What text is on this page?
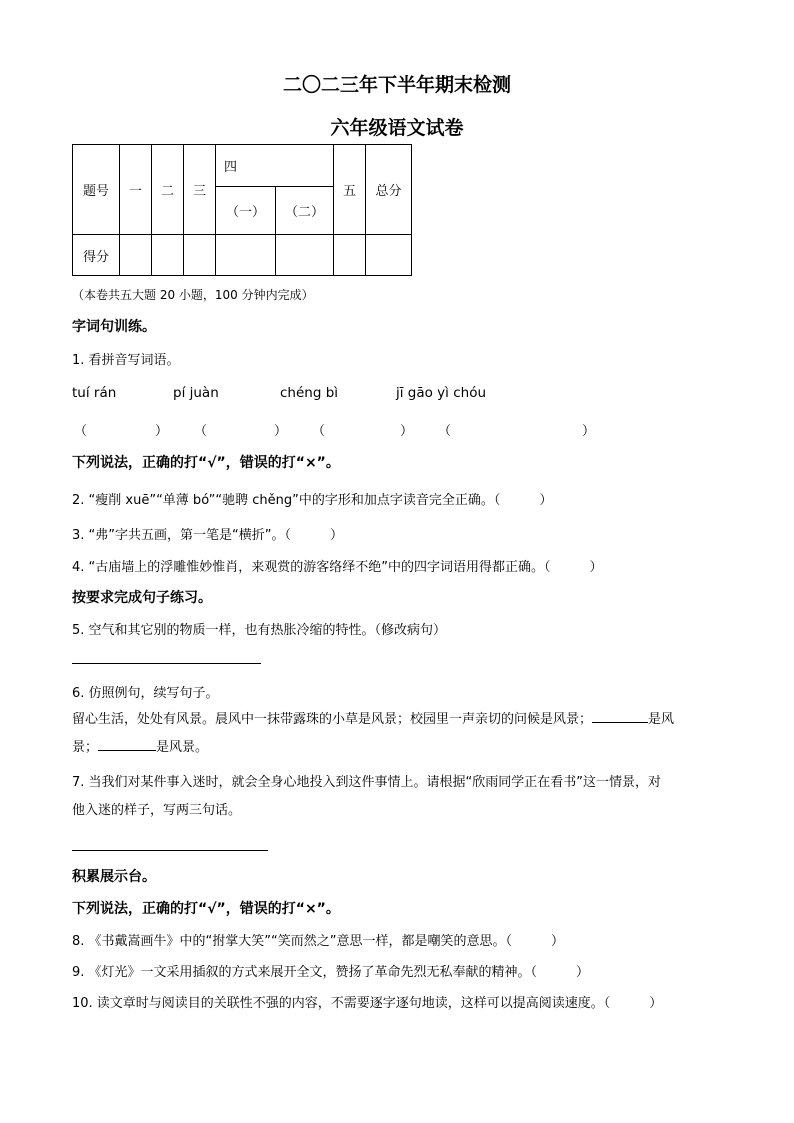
二〇二三年下半年期末检测
六年级语文试卷
题号	一	二	三	四		五	总分
				（一）	（二）		
得分							
（本卷共五大题 20 小题，100 分钟内完成）
字词句训练。
1. 看拼音写词语。
tuí rán	pí juàn	chéng bì	jī gāo yì chóu
（	） （	） （	） （	）
下列说法，正确的打“√”，错误的打“×”。
2. “瘦削 xuē”“单薄 bó”“驰聘 chěng”中的字形和加点字读音完全正确。（　　　）
3. “弗”字共五画，第一笔是“横折”。（　　　）
4. “古庙墙上的浮雕惟妙惟肖，来观赏的游客络绎不绝”中的四字词语用得都正确。（　　　）
按要求完成句子练习。
5. 空气和其它别的物质一样，也有热胀冷缩的特性。（修改病句）
6. 仿照例句，续写句子。
留心生活，处处有风景。晨风中一抹带露珠的小草是风景；校园里一声亲切的问候是风景；	是风
景；	是风景。
7. 当我们对某件事入迷时，就会全身心地投入到这件事情上。请根据“欣雨同学正在看书”这一情景，对
他入迷的样子，写两三句话。
积累展示台。
下列说法，正确的打“√”，错误的打“×”。
8. 《书戴嵩画牛》中的“拊掌大笑”“笑而然之”意思一样，都是嘲笑的意思。（　　　）
9. 《灯光》一文采用插叙的方式来展开全文，赞扬了革命先烈无私奉献的精神。（　　　）
10. 读文章时与阅读目的关联性不强的内容，不需要逐字逐句地读，这样可以提高阅读速度。（　　　）
